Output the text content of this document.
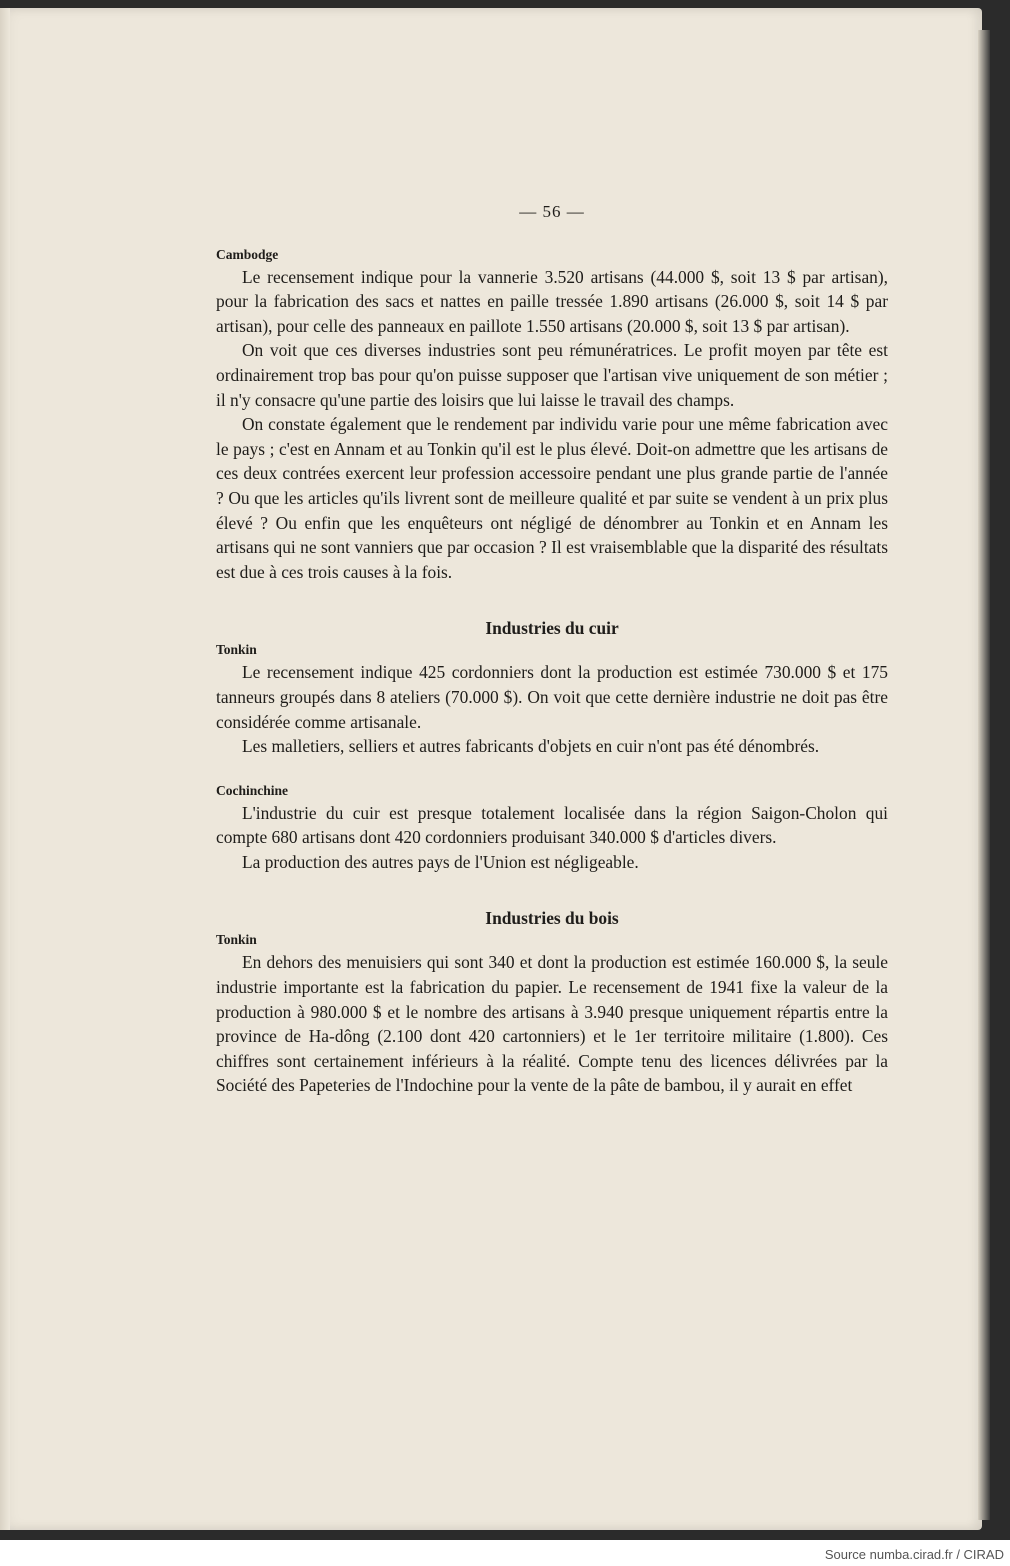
— 56 —
Cambodge

Le recensement indique pour la vannerie 3.520 artisans (44.000 $, soit 13 $ par artisan), pour la fabrication des sacs et nattes en paille tressée 1.890 artisans (26.000 $, soit 14 $ par artisan), pour celle des panneaux en paillote 1.550 artisans (20.000 $, soit 13 $ par artisan).

On voit que ces diverses industries sont peu rémunératrices. Le profit moyen par tête est ordinairement trop bas pour qu'on puisse supposer que l'artisan vive uniquement de son métier ; il n'y consacre qu'une partie des loisirs que lui laisse le travail des champs.

On constate également que le rendement par individu varie pour une même fabrication avec le pays ; c'est en Annam et au Tonkin qu'il est le plus élevé. Doit-on admettre que les artisans de ces deux contrées exercent leur profession accessoire pendant une plus grande partie de l'année ? Ou que les articles qu'ils livrent sont de meilleure qualité et par suite se vendent à un prix plus élevé ? Ou enfin que les enquêteurs ont négligé de dénombrer au Tonkin et en Annam les artisans qui ne sont vanniers que par occasion ? Il est vraisemblable que la disparité des résultats est due à ces trois causes à la fois.

Industries du cuir
Tonkin

Le recensement indique 425 cordonniers dont la production est estimée 730.000 $ et 175 tanneurs groupés dans 8 ateliers (70.000 $). On voit que cette dernière industrie ne doit pas être considérée comme artisanale.

Les malletiers, selliers et autres fabricants d'objets en cuir n'ont pas été dénombrés.

Cochinchine

L'industrie du cuir est presque totalement localisée dans la région Saigon-Cholon qui compte 680 artisans dont 420 cordonniers produisant 340.000 $ d'articles divers.

La production des autres pays de l'Union est négligeable.

Industries du bois
Tonkin

En dehors des menuisiers qui sont 340 et dont la production est estimée 160.000 $, la seule industrie importante est la fabrication du papier. Le recensement de 1941 fixe la valeur de la production à 980.000 $ et le nombre des artisans à 3.940 presque uniquement répartis entre la province de Ha-dông (2.100 dont 420 cartonniers) et le 1er territoire militaire (1.800). Ces chiffres sont certainement inférieurs à la réalité. Compte tenu des licences délivrées par la Société des Papeteries de l'Indochine pour la vente de la pâte de bambou, il y aurait en effet

Source numba.cirad.fr / CIRAD
